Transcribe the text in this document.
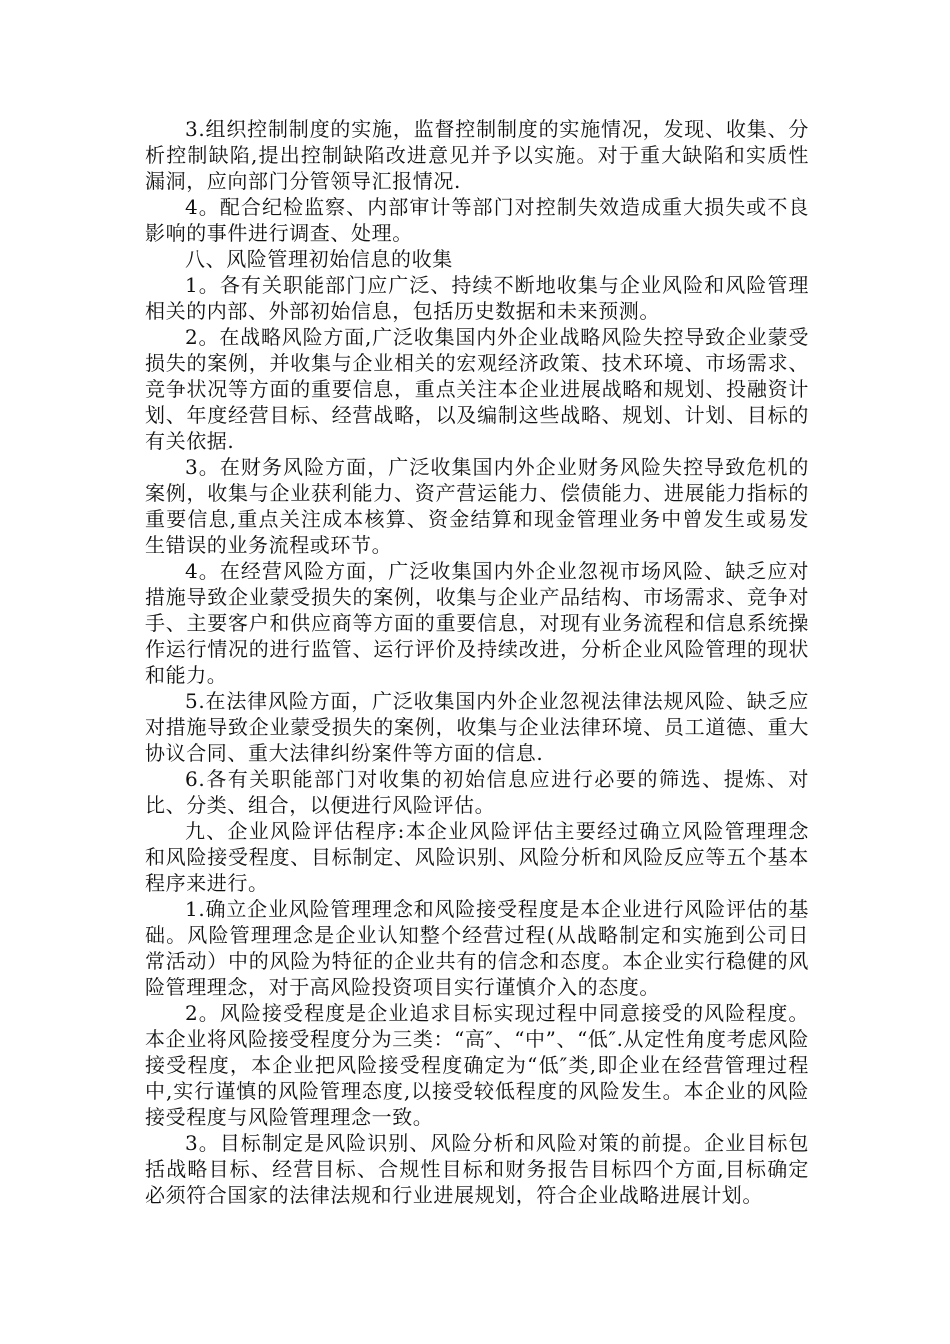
3.组织控制制度的实施，监督控制制度的实施情况，发现、收集、分析控制缺陷,提出控制缺陷改进意见并予以实施。对于重大缺陷和实质性漏洞，应向部门分管领导汇报情况.

4。配合纪检监察、内部审计等部门对控制失效造成重大损失或不良影响的事件进行调查、处理。

八、风险管理初始信息的收集

1。各有关职能部门应广泛、持续不断地收集与企业风险和风险管理相关的内部、外部初始信息，包括历史数据和未来预测。

2。在战略风险方面,广泛收集国内外企业战略风险失控导致企业蒙受损失的案例，并收集与企业相关的宏观经济政策、技术环境、市场需求、竞争状况等方面的重要信息，重点关注本企业进展战略和规划、投融资计划、年度经营目标、经营战略，以及编制这些战略、规划、计划、目标的有关依据.

3。在财务风险方面，广泛收集国内外企业财务风险失控导致危机的案例，收集与企业获利能力、资产营运能力、偿债能力、进展能力指标的重要信息,重点关注成本核算、资金结算和现金管理业务中曾发生或易发生错误的业务流程或环节。

4。在经营风险方面，广泛收集国内外企业忽视市场风险、缺乏应对措施导致企业蒙受损失的案例，收集与企业产品结构、市场需求、竞争对手、主要客户和供应商等方面的重要信息，对现有业务流程和信息系统操作运行情况的进行监管、运行评价及持续改进，分析企业风险管理的现状和能力。

5.在法律风险方面，广泛收集国内外企业忽视法律法规风险、缺乏应对措施导致企业蒙受损失的案例，收集与企业法律环境、员工道德、重大协议合同、重大法律纠纷案件等方面的信息.

6.各有关职能部门对收集的初始信息应进行必要的筛选、提炼、对比、分类、组合，以便进行风险评估。

九、企业风险评估程序:本企业风险评估主要经过确立风险管理理念和风险接受程度、目标制定、风险识别、风险分析和风险反应等五个基本程序来进行。

1.确立企业风险管理理念和风险接受程度是本企业进行风险评估的基础。风险管理理念是企业认知整个经营过程(从战略制定和实施到公司日常活动）中的风险为特征的企业共有的信念和态度。本企业实行稳健的风险管理理念，对于高风险投资项目实行谨慎介入的态度。

2。风险接受程度是企业追求目标实现过程中同意接受的风险程度。本企业将风险接受程度分为三类：“高″、“中”、“低″.从定性角度考虑风险接受程度，本企业把风险接受程度确定为“低″类,即企业在经营管理过程中,实行谨慎的风险管理态度,以接受较低程度的风险发生。本企业的风险接受程度与风险管理理念一致。

3。目标制定是风险识别、风险分析和风险对策的前提。企业目标包括战略目标、经营目标、合规性目标和财务报告目标四个方面,目标确定必须符合国家的法律法规和行业进展规划，符合企业战略进展计划。
